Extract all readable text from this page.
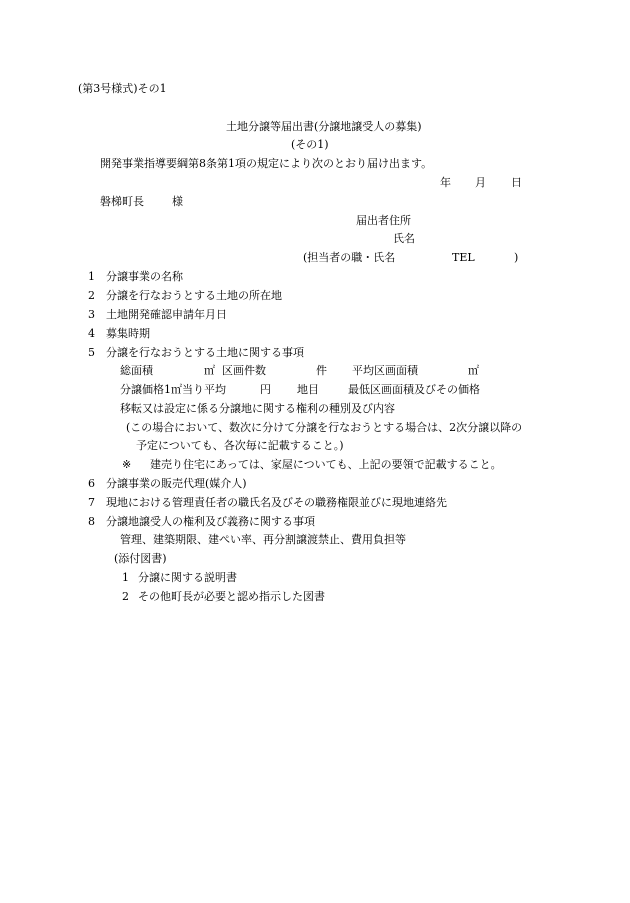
(第3号様式)その1
土地分譲等届出書(分譲地譲受人の募集)
(その1)
開発事業指導要綱第8条第1項の規定により次のとおり届け出ます。
年 月 日
磐梯町長	様
届出者住所
氏名
(担当者の職・氏名	TEL	)
1 分譲事業の名称
2 分譲を行なおうとする土地の所在地
3 土地開発確認申請年月日
4 募集時期
5 分譲を行なおうとする土地に関する事項
総面積	㎡ 区画件数	件 平均区画面積	㎡
分譲価格1㎡当り平均	円 地目	最低区画面積及びその価格
移転又は設定に係る分譲地に関する権利の種別及び内容
(この場合において、数次に分けて分譲を行なおうとする場合は、2次分譲以降の
予定についても、各次毎に記載すること。)
※ 建売り住宅にあっては、家屋についても、上記の要領で記載すること。
6 分譲事業の販売代理(媒介人)
7 現地における管理責任者の職氏名及びその職務権限並びに現地連絡先
8 分譲地譲受人の権利及び義務に関する事項
管理、建築期限、建ぺい率、再分割譲渡禁止、費用負担等
(添付図書)
1 分譲に関する説明書
2 その他町長が必要と認め指示した図書
